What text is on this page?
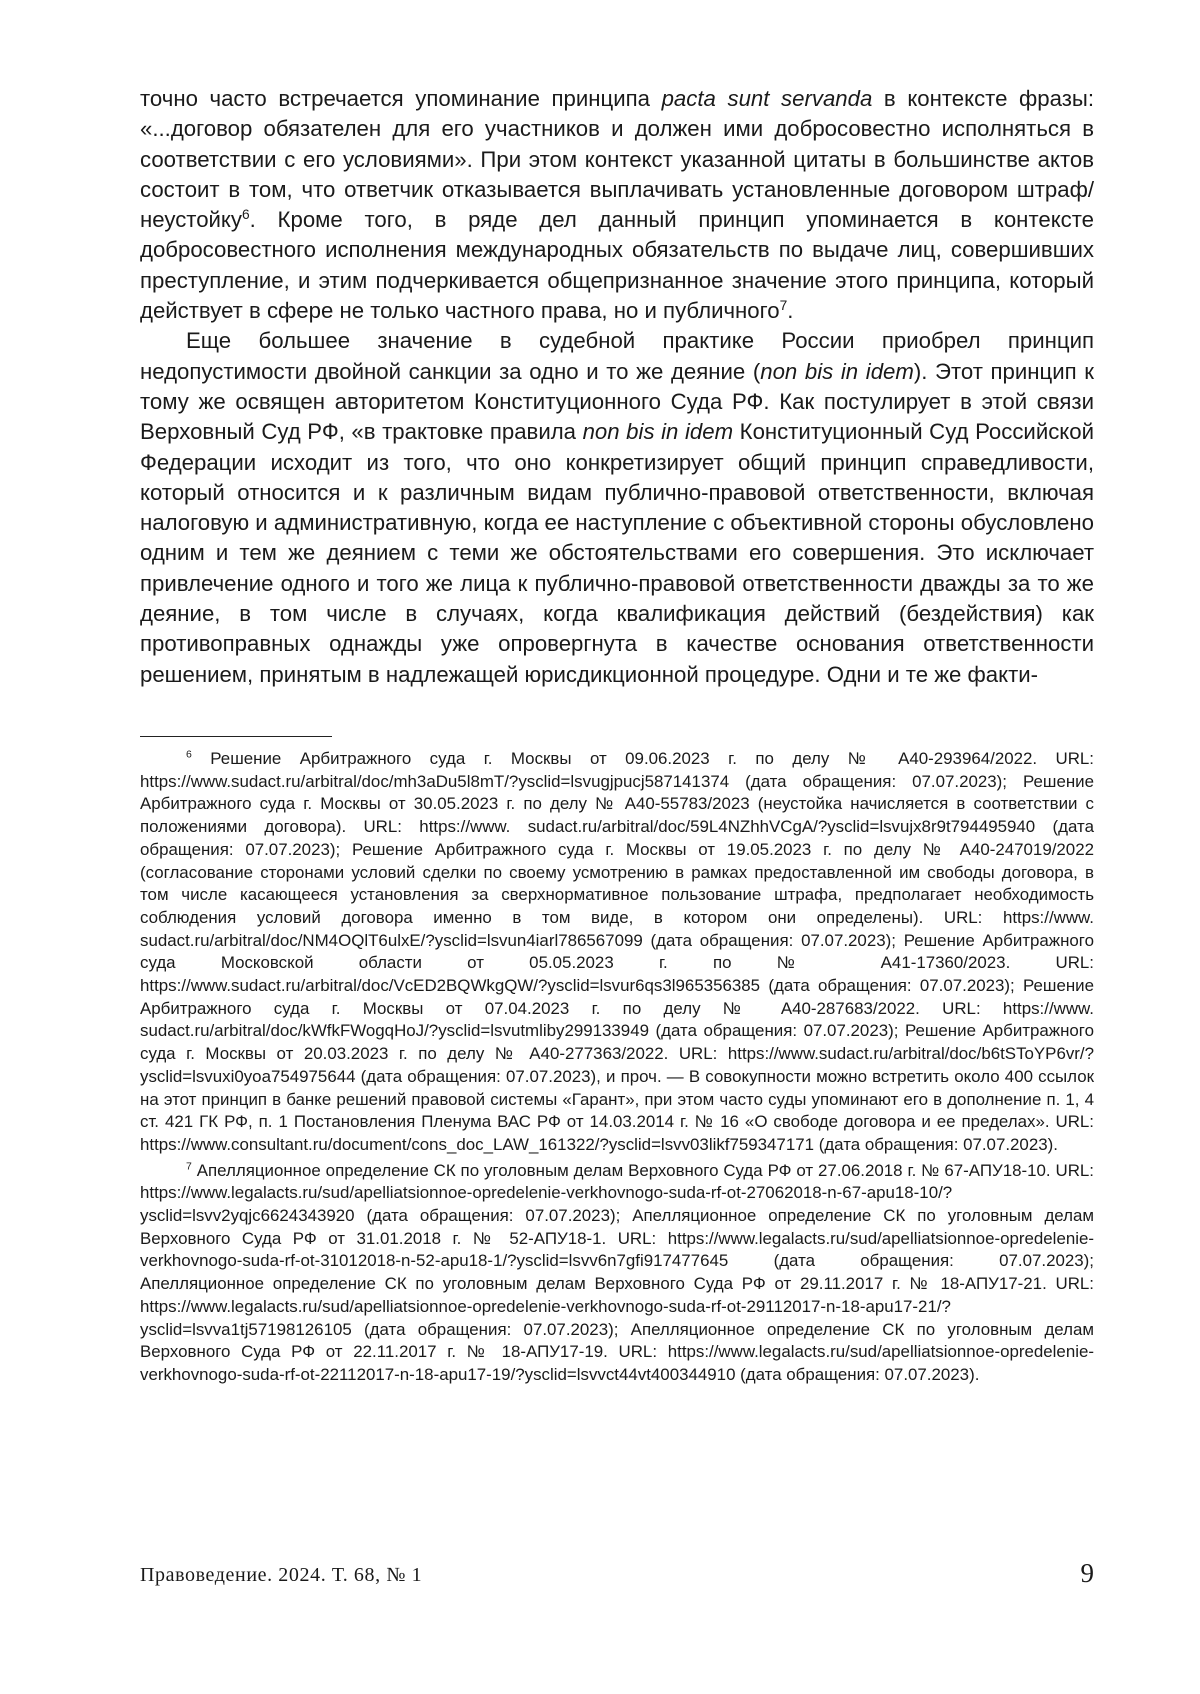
точно часто встречается упоминание принципа pacta sunt servanda в контексте фразы: «...договор обязателен для его участников и должен ими добросовестно исполняться в соответствии с его условиями». При этом контекст указанной цитаты в большинстве актов состоит в том, что ответчик отказывается выплачивать установленные договором штраф/неустойку$^6$. Кроме того, в ряде дел данный принцип упоминается в контексте добросовестного исполнения международных обязательств по выдаче лиц, совершивших преступление, и этим подчеркивается общепризнанное значение этого принципа, который действует в сфере не только частного права, но и публичного$^7$.

Еще большее значение в судебной практике России приобрел принцип недопустимости двойной санкции за одно и то же деяние (non bis in idem). Этот принцип к тому же освящен авторитетом Конституционного Суда РФ. Как постулирует в этой связи Верховный Суд РФ, «в трактовке правила non bis in idem Конституционный Суд Российской Федерации исходит из того, что оно конкретизирует общий принцип справедливости, который относится и к различным видам публично-правовой ответственности, включая налоговую и административную, когда ее наступление с объективной стороны обусловлено одним и тем же деянием с теми же обстоятельствами его совершения. Это исключает привлечение одного и того же лица к публично-правовой ответственности дважды за то же деяние, в том числе в случаях, когда квалификация действий (бездействия) как противоправных однажды уже опровергнута в качестве основания ответственности решением, принятым в надлежащей юрисдикционной процедуре. Одни и те же факти-

$^6$ Решение Арбитражного суда г. Москвы от 09.06.2023 г. по делу № А40-293964/2022. URL: https://www.sudact.ru/arbitral/doc/mh3aDu5l8mT/?ysclid=lsvugjpucj587141374 (дата обращения: 07.07.2023); Решение Арбитражного суда г. Москвы от 30.05.2023 г. по делу № А40-55783/2023 (неустойка начисляется в соответствии с положениями договора). URL: https://www. sudact.ru/arbitral/doc/59L4NZhhVCgA/?ysclid=lsvujx8r9t794495940 (дата обращения: 07.07.2023); Решение Арбитражного суда г. Москвы от 19.05.2023 г. по делу № А40-247019/2022 (согласование сторонами условий сделки по своему усмотрению в рамках предоставленной им свободы договора, в том числе касающееся установления за сверхнормативное пользование штрафа, предполагает необходимость соблюдения условий договора именно в том виде, в котором они определены). URL: https://www. sudact.ru/arbitral/doc/NM4OQlT6ulxE/?ysclid=lsvun4iarl786567099 (дата обращения: 07.07.2023); Решение Арбитражного суда Московской области от 05.05.2023 г. по № А41-17360/2023. URL: https://www.sudact.ru/arbitral/doc/VcED2BQWkgQW/?ysclid=lsvur6qs3l965356385 (дата обращения: 07.07.2023); Решение Арбитражного суда г. Москвы от 07.04.2023 г. по делу № А40-287683/2022. URL: https://www. sudact.ru/arbitral/doc/kWfkFWogqHoJ/?ysclid=lsvutmliby299133949 (дата обращения: 07.07.2023); Решение Арбитражного суда г. Москвы от 20.03.2023 г. по делу № А40-277363/2022. URL: https://www.sudact.ru/arbitral/doc/b6tSToYP6vr/?ysclid=lsvuxi0yoa754975644 (дата обращения: 07.07.2023), и проч. — В совокупности можно встретить около 400 ссылок на этот принцип в банке решений правовой системы «Гарант», при этом часто суды упоминают его в дополнение п. 1, 4 ст. 421 ГК РФ, п. 1 Постановления Пленума ВАС РФ от 14.03.2014 г. № 16 «О свободе договора и ее пределах». URL: https://www.consultant.ru/document/cons_doc_LAW_161322/?ysclid=lsvv03likf759347171 (дата обращения: 07.07.2023).

$^7$ Апелляционное определение СК по уголовным делам Верховного Суда РФ от 27.06.2018 г. № 67-АПУ18-10. URL: https://www.legalacts.ru/sud/apelliatsionnoe-opredelenie-verkhovnogo-suda-rf-ot-27062018-n-67-apu18-10/?ysclid=lsvv2yqjc6624343920 (дата обращения: 07.07.2023); Апелляционное определение СК по уголовным делам Верховного Суда РФ от 31.01.2018 г. № 52-АПУ18-1. URL: https://www.legalacts.ru/sud/apelliatsionnoe-opredelenie-verkhovnogo-suda-rf-ot-31012018-n-52-apu18-1/?ysclid=lsvv6n7gfi917477645 (дата обращения: 07.07.2023); Апелляционное определение СК по уголовным делам Верховного Суда РФ от 29.11.2017 г. № 18-АПУ17-21. URL: https://www.legalacts.ru/sud/apelliatsionnoe-opredelenie-verkhovnogo-suda-rf-ot-29112017-n-18-apu17-21/?ysclid=lsvva1tj57198126105 (дата обращения: 07.07.2023); Апелляционное определение СК по уголовным делам Верховного Суда РФ от 22.11.2017 г. № 18-АПУ17-19. URL: https://www.legalacts.ru/sud/apelliatsionnoe-opredelenie-verkhovnogo-suda-rf-ot-22112017-n-18-apu17-19/?ysclid=lsvvct44vt400344910 (дата обращения: 07.07.2023).

Правоведение. 2024. Т. 68, № 1	9
